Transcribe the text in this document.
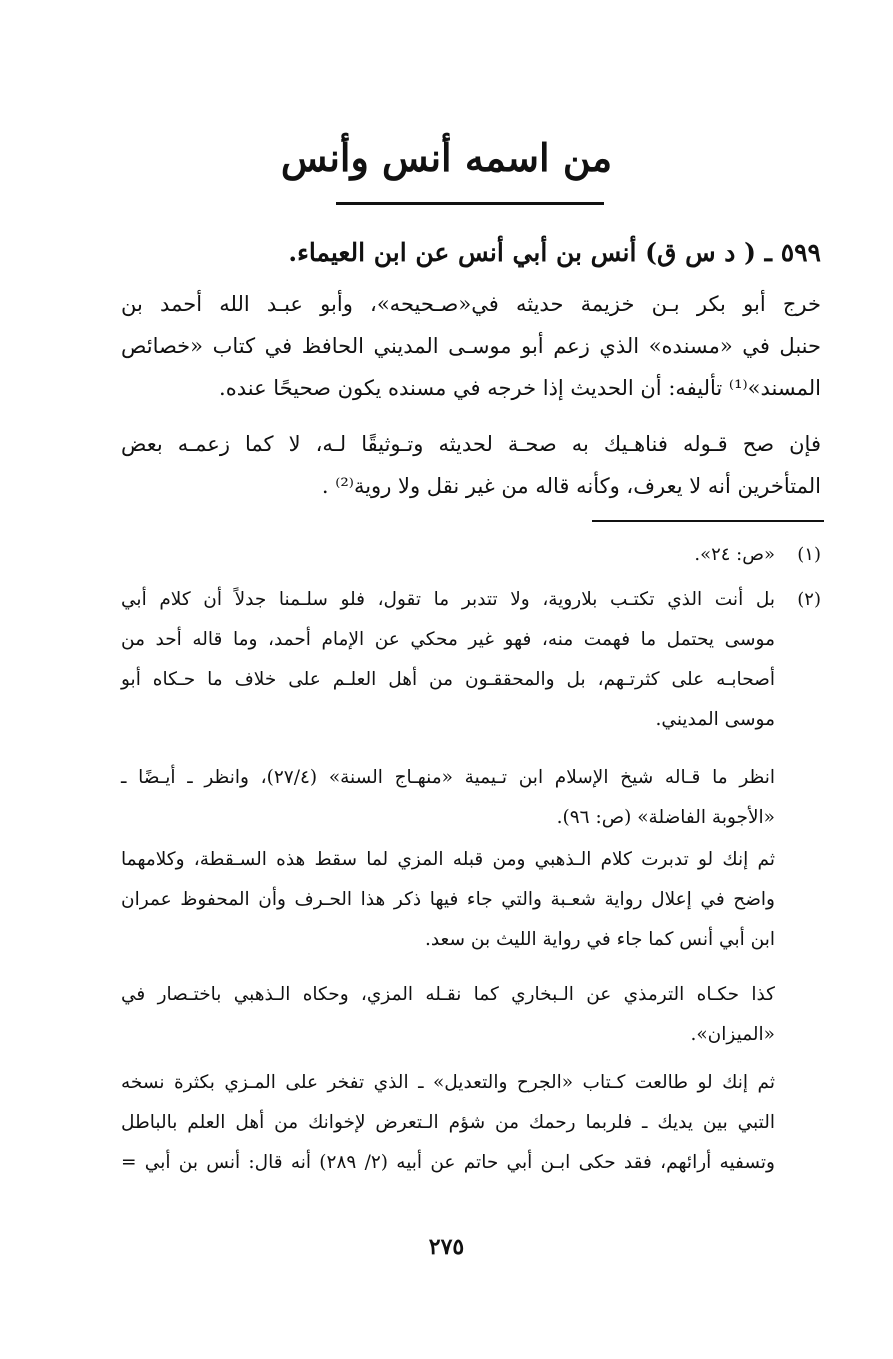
من اسمه أنس وأنس
٥٩٩ ـ ( د س ق) أنس بن أبي أنس عن ابن العيماء.
خرج أبو بكر بـن خزيمة حديثه في«صـحيحه»، وأبو عبـد الله أحمد بن
حنبل في «مسنده» الذي زعم أبو موسـى المديني الحافظ في كتاب «خصائص
المسند»⁽¹⁾ تأليفه: أن الحديث إذا خرجه في مسنده يكون صحيحًا عنده.
فإن صح قـوله فناهـيك به صحـة لحديثه وتـوثيقًا لـه، لا كما زعمـه بعض
المتأخرين أنه لا يعرف، وكأنه قاله من غير نقل ولا روية⁽²⁾ .
(١)
«ص: ٢٤».
(٢)
بل أنت الذي تكتـب بلاروية، ولا تتدبر ما تقول، فلو سلـمنا جدلاً أن كلام أبي
موسى يحتمل ما فهمت منه، فهو غير محكي عن الإمام أحمد، وما قاله أحد من
أصحابـه على كثرتـهم، بل والمحققـون من أهل العلـم على خلاف ما حـكاه أبو
موسى المديني.
انظر ما قـاله شيخ الإسلام ابن تـيمية «منهـاج السنة» (٢٧/٤)، وانظر ـ أيـضًا ـ
«الأجوبة الفاضلة» (ص: ٩٦).
ثم إنك لو تدبرت كلام الـذهبي ومن قبله المزي لما سقط هذه السـقطة، وكلامهما
واضح في إعلال رواية شعـبة والتي جاء فيها ذكر هذا الحـرف وأن المحفوظ عمران
ابن أبي أنس كما جاء في رواية الليث بن سعد.
كذا حكـاه الترمذي عن الـبخاري كما نقـله المزي، وحكاه الـذهبي باختـصار في
«الميزان».
ثم إنك لو طالعت كـتاب «الجرح والتعديل» ـ الذي تفخر على المـزي بكثرة نسخه
التبي بين يديك ـ فلربما رحمك من شؤم الـتعرض لإخوانك من أهل العلم بالباطل
وتسفيه أرائهم، فقد حكى ابـن أبي حاتم عن أبيه (٢/ ٢٨٩) أنه قال: أنس بن أبي =
٢٧٥
